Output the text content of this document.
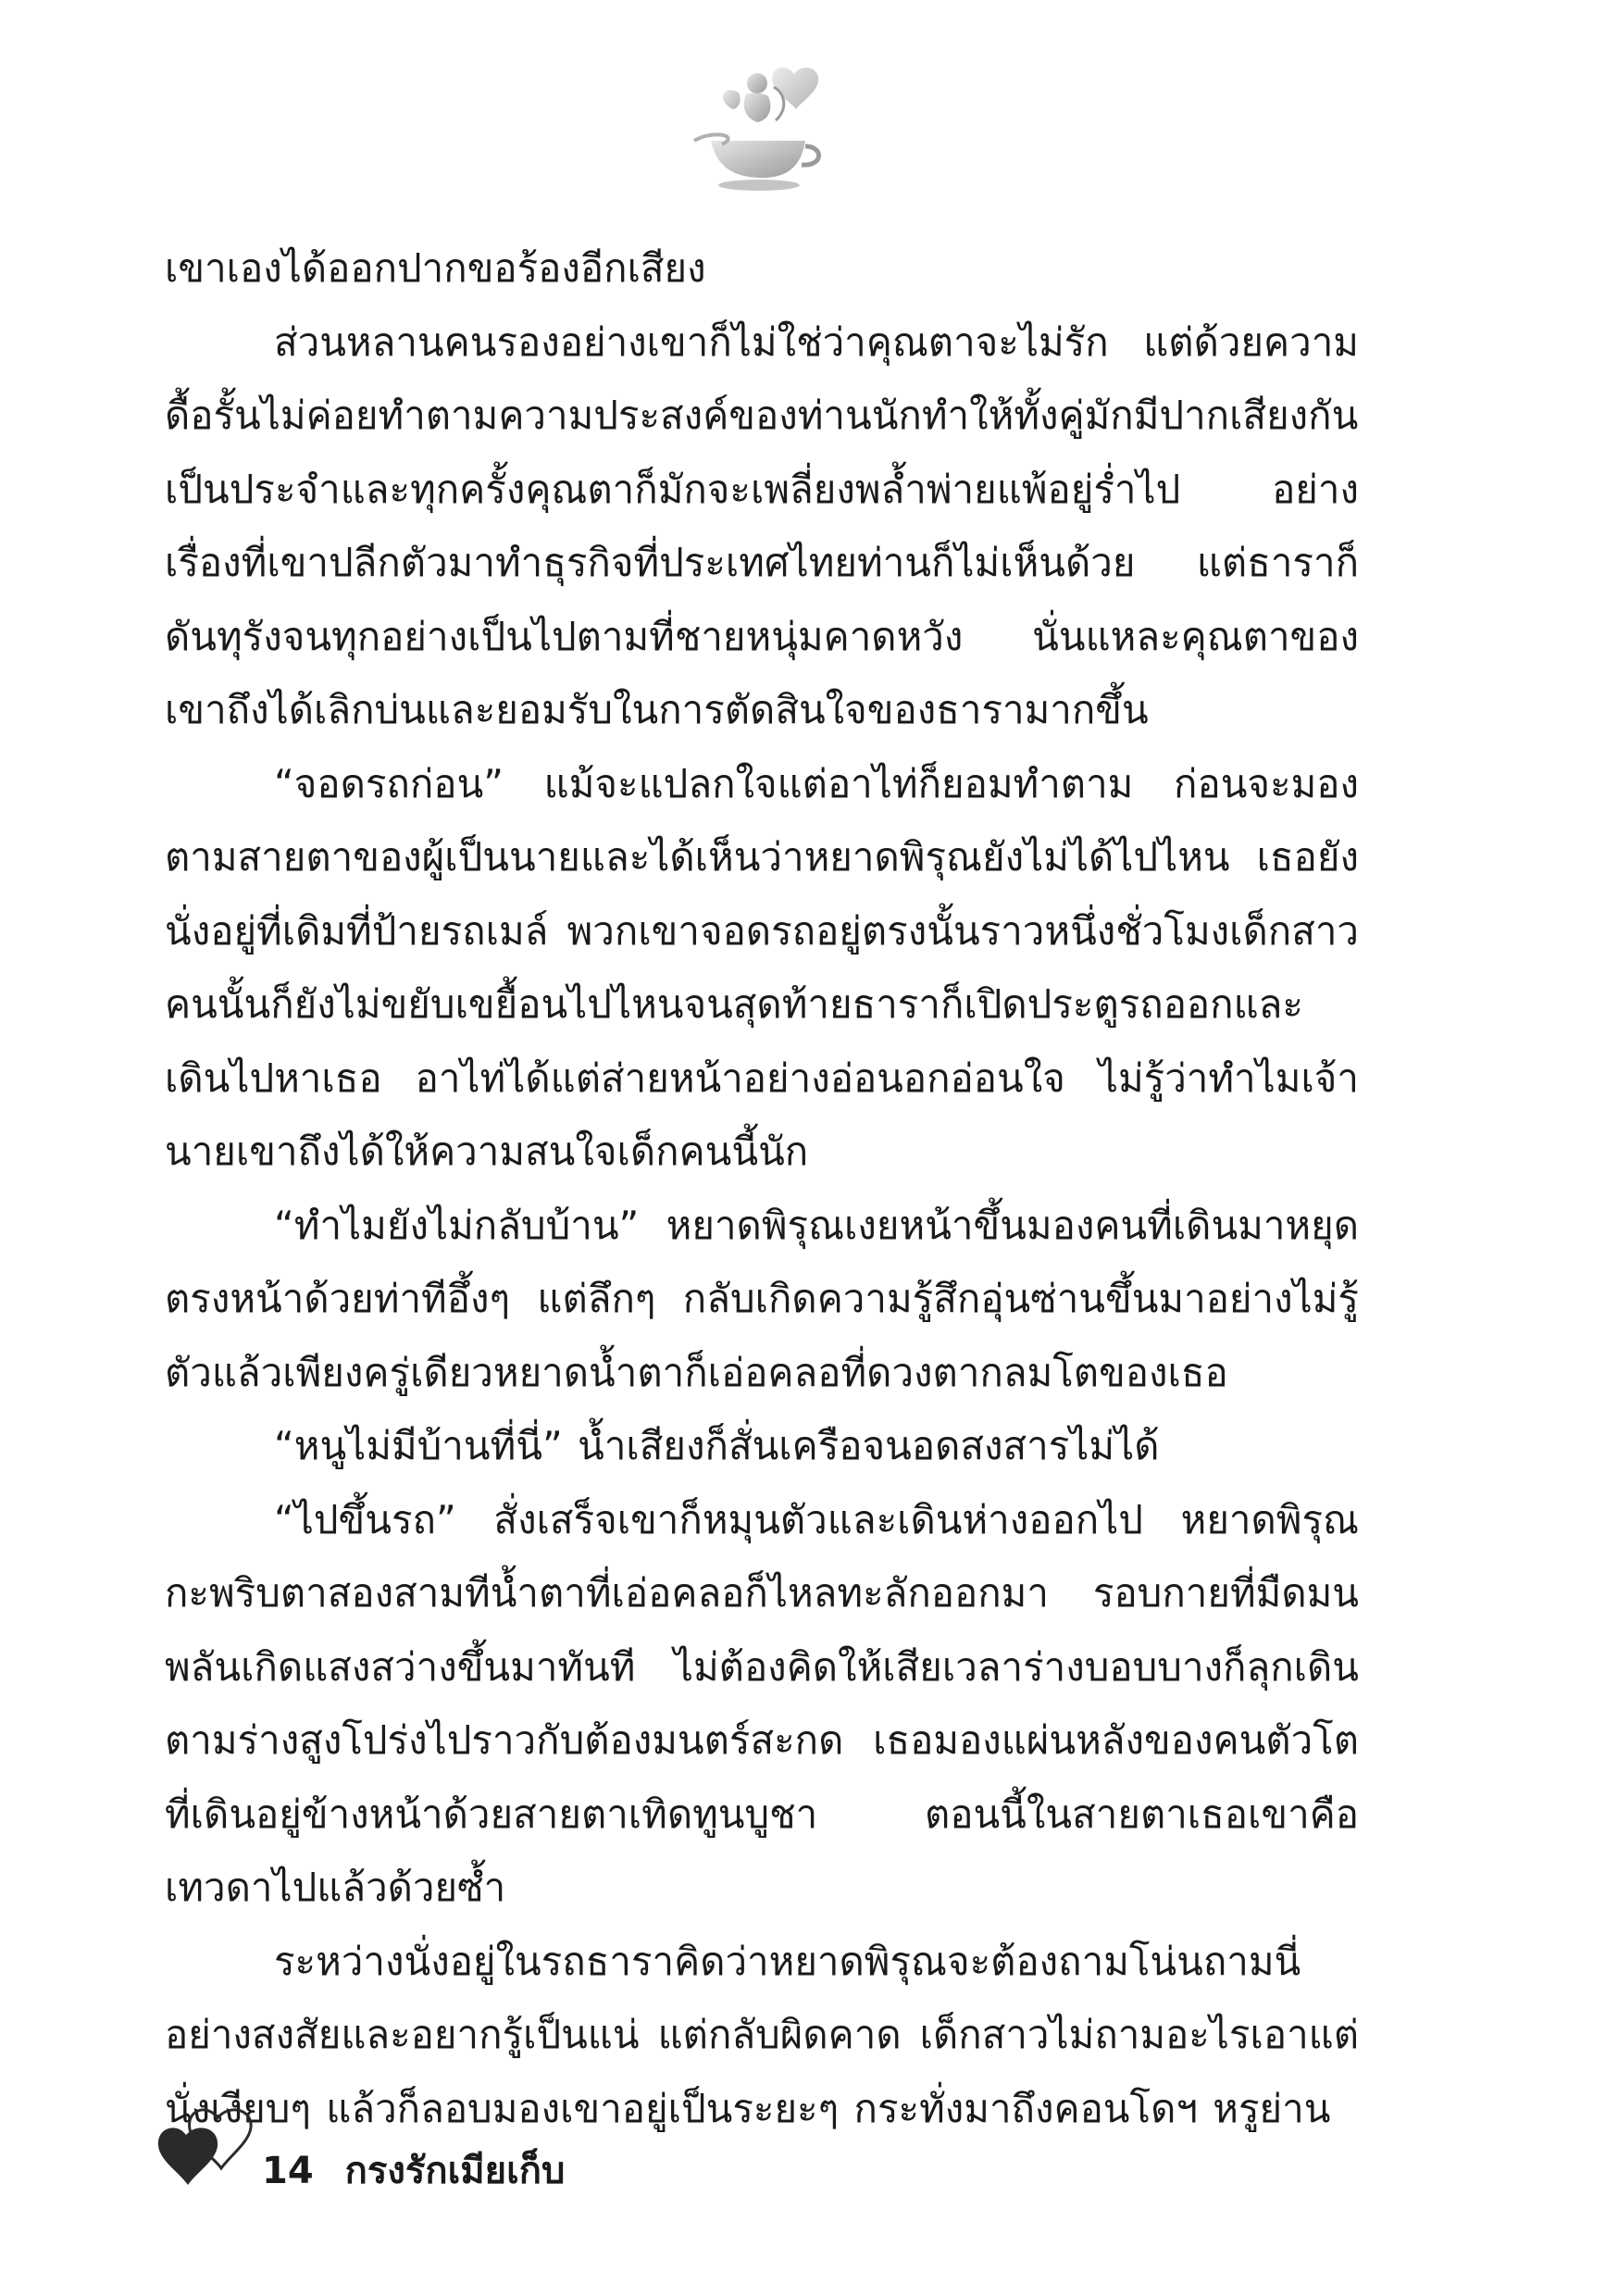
เขาเองได้ออกปากขอร้องอีกเสียง

ส่วนหลานคนรองอย่างเขาก็ไม่ใช่ว่าคุณตาจะไม่รัก แต่ด้วยความดื้อรั้นไม่ค่อยทำตามความประสงค์ของท่านนักทำให้ทั้งคู่มักมีปากเสียงกันเป็นประจำและทุกครั้งคุณตาก็มักจะเพลี่ยงพล้ำพ่ายแพ้อยู่ร่ำไป อย่างเรื่องที่เขาปลีกตัวมาทำธุรกิจที่ประเทศไทยท่านก็ไม่เห็นด้วย แต่ธาราก็ดันทุรังจนทุกอย่างเป็นไปตามที่ชายหนุ่มคาดหวัง นั่นแหละคุณตาของเขาถึงได้เลิกบ่นและยอมรับในการตัดสินใจของธารามากขึ้น

“จอดรถก่อน” แม้จะแปลกใจแต่อาไท่ก็ยอมทำตาม ก่อนจะมองตามสายตาของผู้เป็นนายและได้เห็นว่าหยาดพิรุณยังไม่ได้ไปไหน เธอยังนั่งอยู่ที่เดิมที่ป้ายรถเมล์ พวกเขาจอดรถอยู่ตรงนั้นราวหนึ่งชั่วโมงเด็กสาวคนนั้นก็ยังไม่ขยับเขยื้อนไปไหนจนสุดท้ายธาราก็เปิดประตูรถออกและเดินไปหาเธอ อาไท่ได้แต่ส่ายหน้าอย่างอ่อนอกอ่อนใจ ไม่รู้ว่าทำไมเจ้านายเขาถึงได้ให้ความสนใจเด็กคนนี้นัก

“ทำไมยังไม่กลับบ้าน” หยาดพิรุณเงยหน้าขึ้นมองคนที่เดินมาหยุดตรงหน้าด้วยท่าทีอึ้งๆ แต่ลึกๆ กลับเกิดความรู้สึกอุ่นซ่านขึ้นมาอย่างไม่รู้ตัวแล้วเพียงครู่เดียวหยาดน้ำตาก็เอ่อคลอที่ดวงตากลมโตของเธอ

“หนูไม่มีบ้านที่นี่” น้ำเสียงก็สั่นเครือจนอดสงสารไม่ได้

“ไปขึ้นรถ” สั่งเสร็จเขาก็หมุนตัวและเดินห่างออกไป หยาดพิรุณกะพริบตาสองสามทีน้ำตาที่เอ่อคลอก็ไหลทะลักออกมา รอบกายที่มืดมนพลันเกิดแสงสว่างขึ้นมาทันที ไม่ต้องคิดให้เสียเวลาร่างบอบบางก็ลุกเดินตามร่างสูงโปร่งไปราวกับต้องมนตร์สะกด เธอมองแผ่นหลังของคนตัวโตที่เดินอยู่ข้างหน้าด้วยสายตาเทิดทูนบูชา ตอนนี้ในสายตาเธอเขาคือเทวดาไปแล้วด้วยซ้ำ

ระหว่างนั่งอยู่ในรถธาราคิดว่าหยาดพิรุณจะต้องถามโน่นถามนี่อย่างสงสัยและอยากรู้เป็นแน่ แต่กลับผิดคาด เด็กสาวไม่ถามอะไรเอาแต่นั่งเงียบๆ แล้วก็ลอบมองเขาอยู่เป็นระยะๆ กระทั่งมาถึงคอนโดฯ หรูย่าน

14 กรงรักเมียเก็บ
